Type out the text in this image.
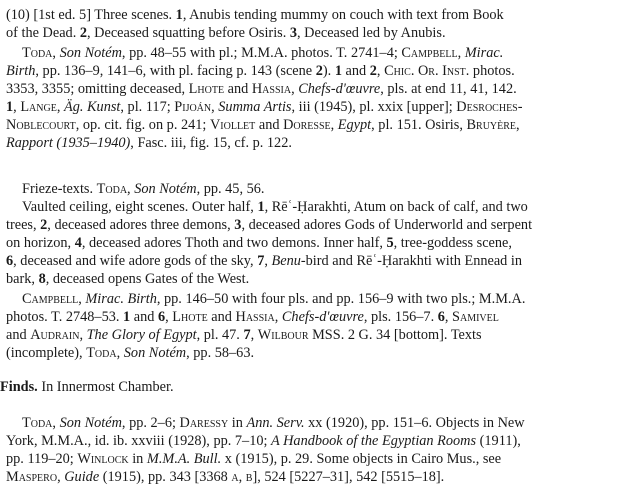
(10) [1st ed. 5] Three scenes. 1, Anubis tending mummy on couch with text from Book
of the Dead. 2, Deceased squatting before Osiris. 3, Deceased led by Anubis.
Toda, Son Notém, pp. 48–55 with pl.; M.M.A. photos. T. 2741–4; Campbell, Mirac.
Birth, pp. 136–9, 141–6, with pl. facing p. 143 (scene 2). 1 and 2, Chic. Or. Inst. photos.
3353, 3355; omitting deceased, Lhote and Hassia, Chefs-d'œuvre, pls. at end 11, 41, 142.
1, Lange, Äg. Kunst, pl. 117; Pijoán, Summa Artis, iii (1945), pl. xxix [upper]; Desroches-
Noblecourt, op. cit. fig. on p. 241; Viollet and Doresse, Egypt, pl. 151. Osiris, Bruyère,
Rapport (1935–1940), Fasc. iii, fig. 15, cf. p. 122.
Frieze-texts. Toda, Son Notém, pp. 45, 56.
Vaulted ceiling, eight scenes. Outer half, 1, Rēʿ-Ḥarakhti, Atum on back of calf, and two
trees, 2, deceased adores three demons, 3, deceased adores Gods of Underworld and serpent
on horizon, 4, deceased adores Thoth and two demons. Inner half, 5, tree-goddess scene,
6, deceased and wife adore gods of the sky, 7, Benu-bird and Rēʿ-Ḥarakhti with Ennead in
bark, 8, deceased opens Gates of the West.
Campbell, Mirac. Birth, pp. 146–50 with four pls. and pp. 156–9 with two pls.; M.M.A.
photos. T. 2748–53. 1 and 6, Lhote and Hassia, Chefs-d'œuvre, pls. 156–7. 6, Samivel
and Audrain, The Glory of Egypt, pl. 47. 7, Wilbour MSS. 2 G. 34 [bottom]. Texts
(incomplete), Toda, Son Notém, pp. 58–63.
Finds. In Innermost Chamber.
Toda, Son Notém, pp. 2–6; Daressy in Ann. Serv. xx (1920), pp. 151–6. Objects in New
York, M.M.A., id. ib. xxviii (1928), pp. 7–10; A Handbook of the Egyptian Rooms (1911),
pp. 119–20; Winlock in M.M.A. Bull. x (1915), p. 29. Some objects in Cairo Mus., see
Maspero, Guide (1915), pp. 343 [3368 a, b], 524 [5227–31], 542 [5515–18].
